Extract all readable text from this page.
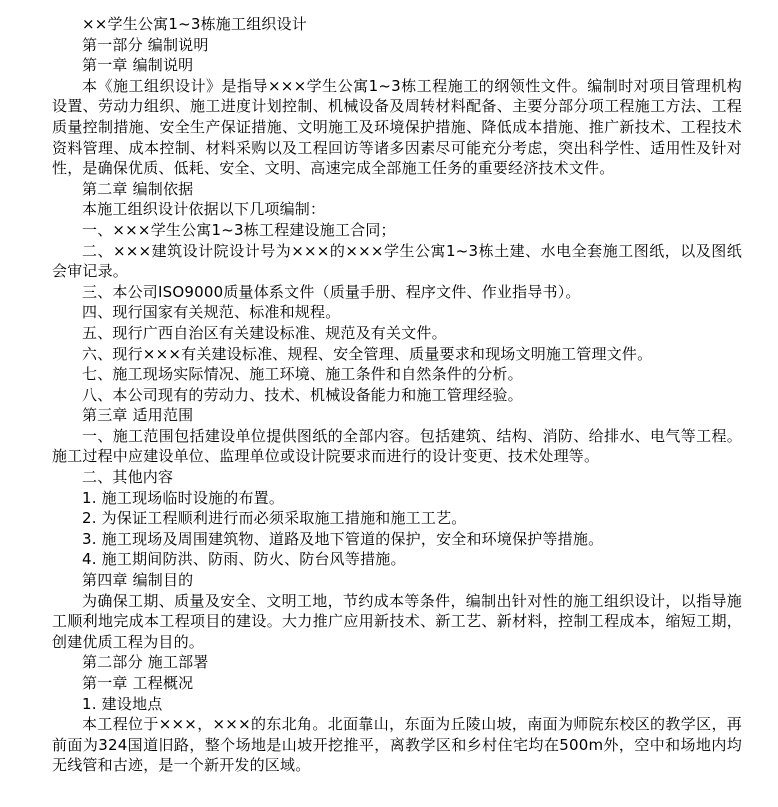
××学生公寓1~3栋施工组织设计
第一部分 编制说明
第一章 编制说明
本《施工组织设计》是指导×××学生公寓1~3栋工程施工的纲领性文件。编制时对项目管理机构设置、劳动力组织、施工进度计划控制、机械设备及周转材料配备、主要分部分项工程施工方法、工程质量控制措施、安全生产保证措施、文明施工及环境保护措施、降低成本措施、推广新技术、工程技术资料管理、成本控制、材料采购以及工程回访等诸多因素尽可能充分考虑，突出科学性、适用性及针对性，是确保优质、低耗、安全、文明、高速完成全部施工任务的重要经济技术文件。
第二章 编制依据
本施工组织设计依据以下几项编制：
一、×××学生公寓1~3栋工程建设施工合同；
二、×××建筑设计院设计号为×××的×××学生公寓1~3栋土建、水电全套施工图纸，以及图纸会审记录。
三、本公司ISO9000质量体系文件（质量手册、程序文件、作业指导书）。
四、现行国家有关规范、标准和规程。
五、现行广西自治区有关建设标准、规范及有关文件。
六、现行×××有关建设标准、规程、安全管理、质量要求和现场文明施工管理文件。
七、施工现场实际情况、施工环境、施工条件和自然条件的分析。
八、本公司现有的劳动力、技术、机械设备能力和施工管理经验。
第三章 适用范围
一、施工范围包括建设单位提供图纸的全部内容。包括建筑、结构、消防、给排水、电气等工程。施工过程中应建设单位、监理单位或设计院要求而进行的设计变更、技术处理等。
二、其他内容
1. 施工现场临时设施的布置。
2. 为保证工程顺利进行而必须采取施工措施和施工工艺。
3. 施工现场及周围建筑物、道路及地下管道的保护，安全和环境保护等措施。
4. 施工期间防洪、防雨、防火、防台风等措施。
第四章 编制目的
为确保工期、质量及安全、文明工地，节约成本等条件，编制出针对性的施工组织设计，以指导施工顺利地完成本工程项目的建设。大力推广应用新技术、新工艺、新材料，控制工程成本，缩短工期，创建优质工程为目的。
第二部分 施工部署
第一章 工程概况
1. 建设地点
本工程位于×××，×××的东北角。北面靠山，东面为丘陵山坡，南面为师院东校区的教学区，再前面为324国道旧路，整个场地是山坡开挖推平，离教学区和乡村住宅均在500m外，空中和场地内均无线管和古迹，是一个新开发的区域。
